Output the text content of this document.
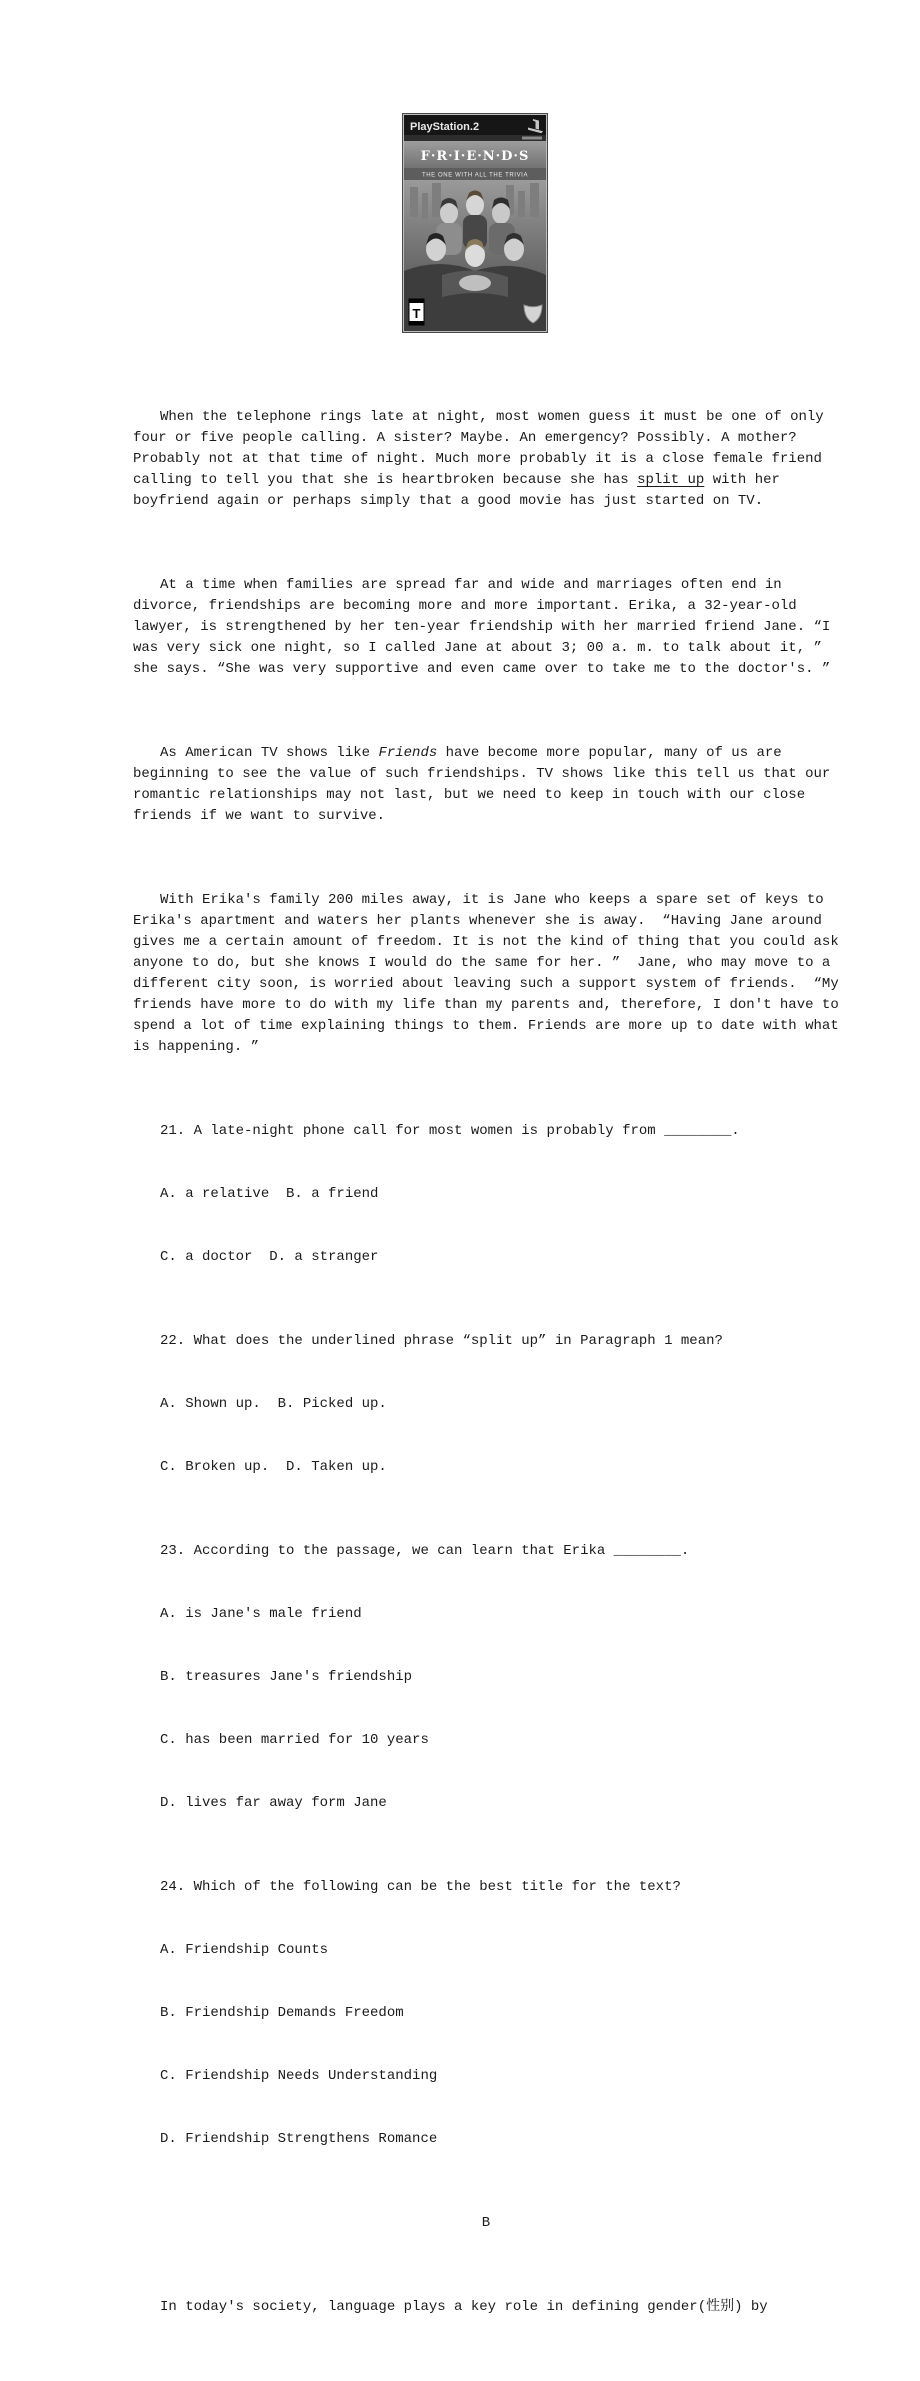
PlayStation.2
F·R·I·E·N·D·S
THE ONE WITH ALL THE TRIVIA
T

When the telephone rings late at night, most women guess it must be one of only four or five people calling. A sister? Maybe. An emergency? Possibly. A mother? Probably not at that time of night. Much more probably it is a close female friend calling to tell you that she is heartbroken because she has split up with her boyfriend again or perhaps simply that a good movie has just started on TV.

At a time when families are spread far and wide and marriages often end in divorce, friendships are becoming more and more important. Erika, a 32-year-old lawyer, is strengthened by her ten-year friendship with her married friend Jane. “I was very sick one night, so I called Jane at about 3; 00 a. m. to talk about it, ” she says. “She was very supportive and even came over to take me to the doctor's. ”

As American TV shows like Friends have become more popular, many of us are beginning to see the value of such friendships. TV shows like this tell us that our romantic relationships may not last, but we need to keep in touch with our close friends if we want to survive.

With Erika's family 200 miles away, it is Jane who keeps a spare set of keys to Erika's apartment and waters her plants whenever she is away.  “Having Jane around gives me a certain amount of freedom. It is not the kind of thing that you could ask anyone to do, but she knows I would do the same for her. ”  Jane, who may move to a different city soon, is worried about leaving such a support system of friends.  “My friends have more to do with my life than my parents and, therefore, I don't have to spend a lot of time explaining things to them. Friends are more up to date with what is happening. ”

21. A late-night phone call for most women is probably from ________.

A. a relative  B. a friend

C. a doctor  D. a stranger

22. What does the underlined phrase “split up” in Paragraph 1 mean?

A. Shown up.  B. Picked up.

C. Broken up.  D. Taken up.

23. According to the passage, we can learn that Erika ________.

A. is Jane's male friend

B. treasures Jane's friendship

C. has been married for 10 years

D. lives far away form Jane

24. Which of the following can be the best title for the text?

A. Friendship Counts

B. Friendship Demands Freedom

C. Friendship Needs Understanding

D. Friendship Strengthens Romance

B

In today's society, language plays a key role in defining gender(性别) by
